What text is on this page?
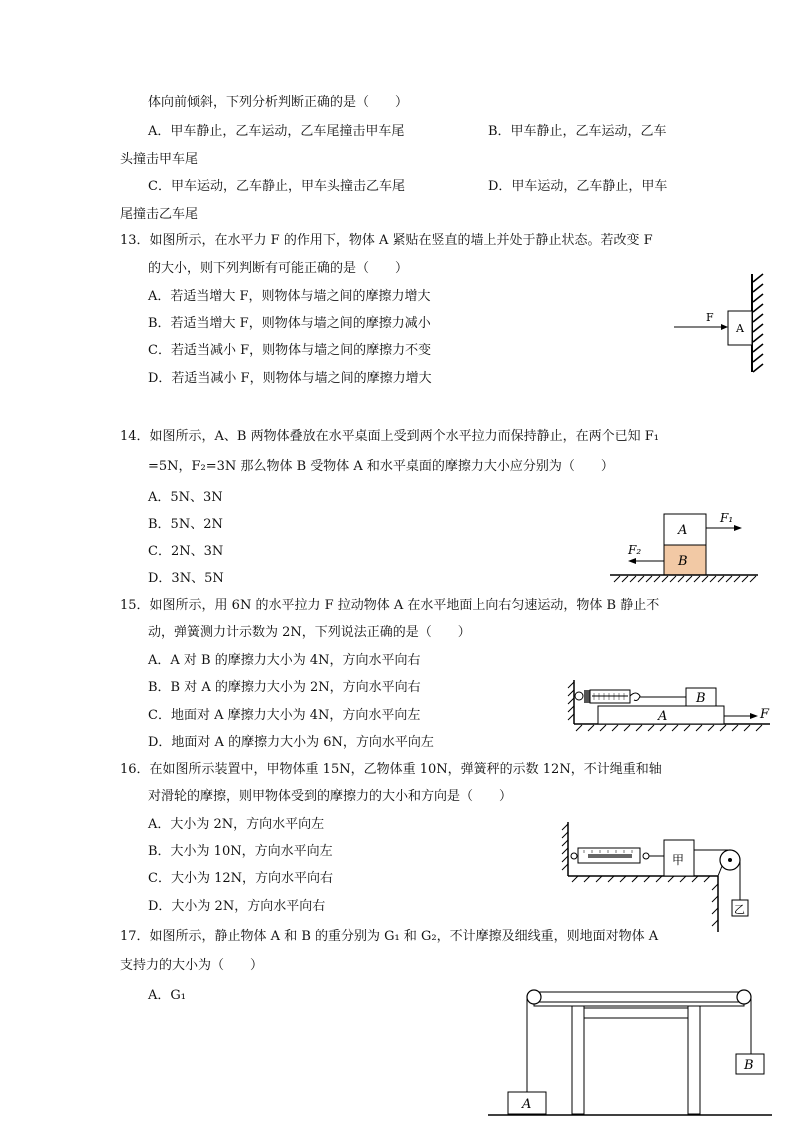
体向前倾斜，下列分析判断正确的是（　　）
A．甲车静止，乙车运动，乙车尾撞击甲车尾	B．甲车静止，乙车运动，乙车
头撞击甲车尾
C．甲车运动，乙车静止，甲车头撞击乙车尾	D．甲车运动，乙车静止，甲车
尾撞击乙车尾
13．如图所示，在水平力 F 的作用下，物体 A 紧贴在竖直的墙上并处于静止状态。若改变 F
的大小，则下列判断有可能正确的是（　　）
A．若适当增大 F，则物体与墙之间的摩擦力增大
B．若适当增大 F，则物体与墙之间的摩擦力减小
C．若适当减小 F，则物体与墙之间的摩擦力不变
D．若适当减小 F，则物体与墙之间的摩擦力增大
A
F
14．如图所示，A、B 两物体叠放在水平桌面上受到两个水平拉力而保持静止，在两个已知 F₁
=5N，F₂=3N 那么物体 B 受物体 A 和水平桌面的摩擦力大小应分别为（　　）
A．5N、3N
B．5N、2N
C．2N、3N
D．3N、5N
A
B
F₁
F₂
15．如图所示，用 6N 的水平拉力 F 拉动物体 A 在水平地面上向右匀速运动，物体 B 静止不
动，弹簧测力计示数为 2N，下列说法正确的是（　　）
A．A 对 B 的摩擦力大小为 4N，方向水平向右
B．B 对 A 的摩擦力大小为 2N，方向水平向右
C．地面对 A 摩擦力大小为 4N，方向水平向左
D．地面对 A 的摩擦力大小为 6N，方向水平向左
B
A	F
16．在如图所示装置中，甲物体重 15N，乙物体重 10N，弹簧秤的示数 12N，不计绳重和轴
对滑轮的摩擦，则甲物体受到的摩擦力的大小和方向是（　　）
A．大小为 2N，方向水平向左
B．大小为 10N，方向水平向左
C．大小为 12N，方向水平向右
D．大小为 2N，方向水平向右
甲
乙
17．如图所示，静止物体 A 和 B 的重分别为 G₁ 和 G₂，不计摩擦及细线重，则地面对物体 A
支持力的大小为（　　）
A．G₁
A
B
